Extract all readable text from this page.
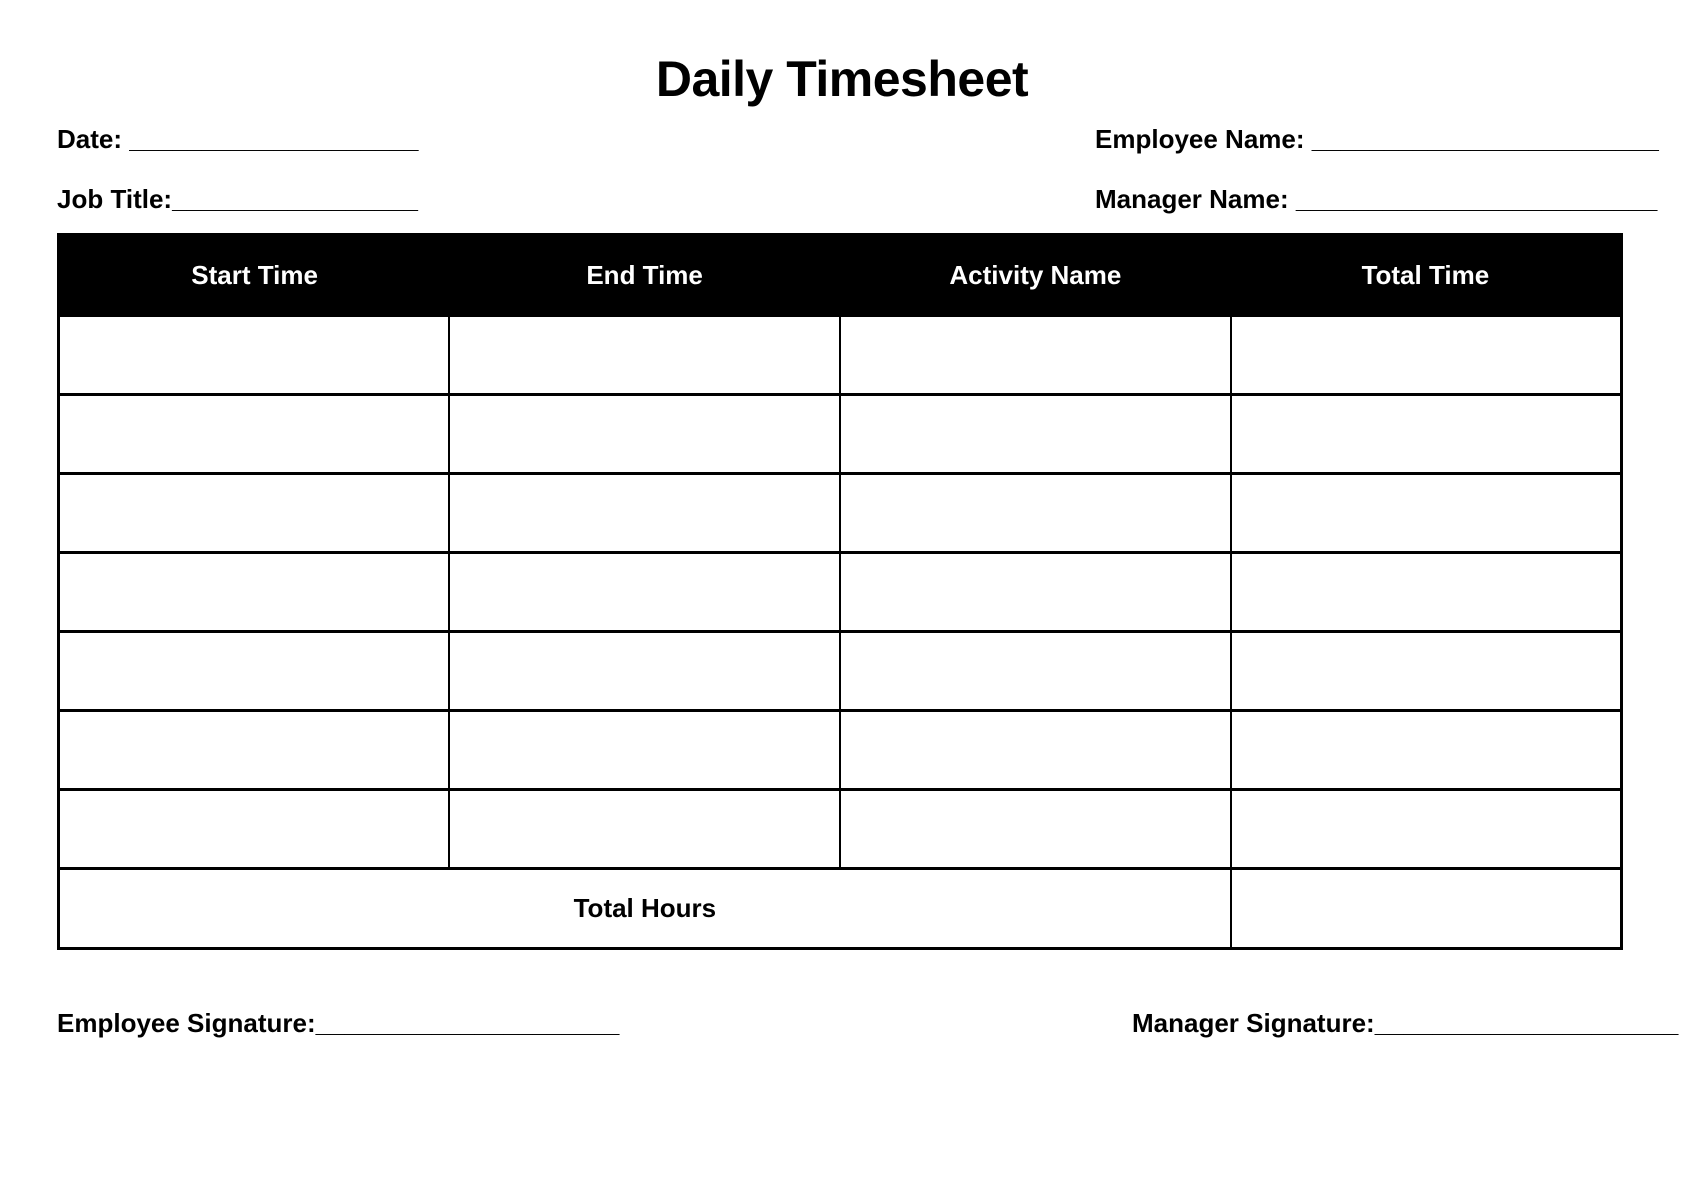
Daily Timesheet
Date: ____________________	Employee Name: ________________________
Job Title:_________________	Manager Name: _________________________
Start Time	End Time	Activity Name	Total Time

Total Hours			
Employee Signature:_____________________	Manager Signature:_____________________
